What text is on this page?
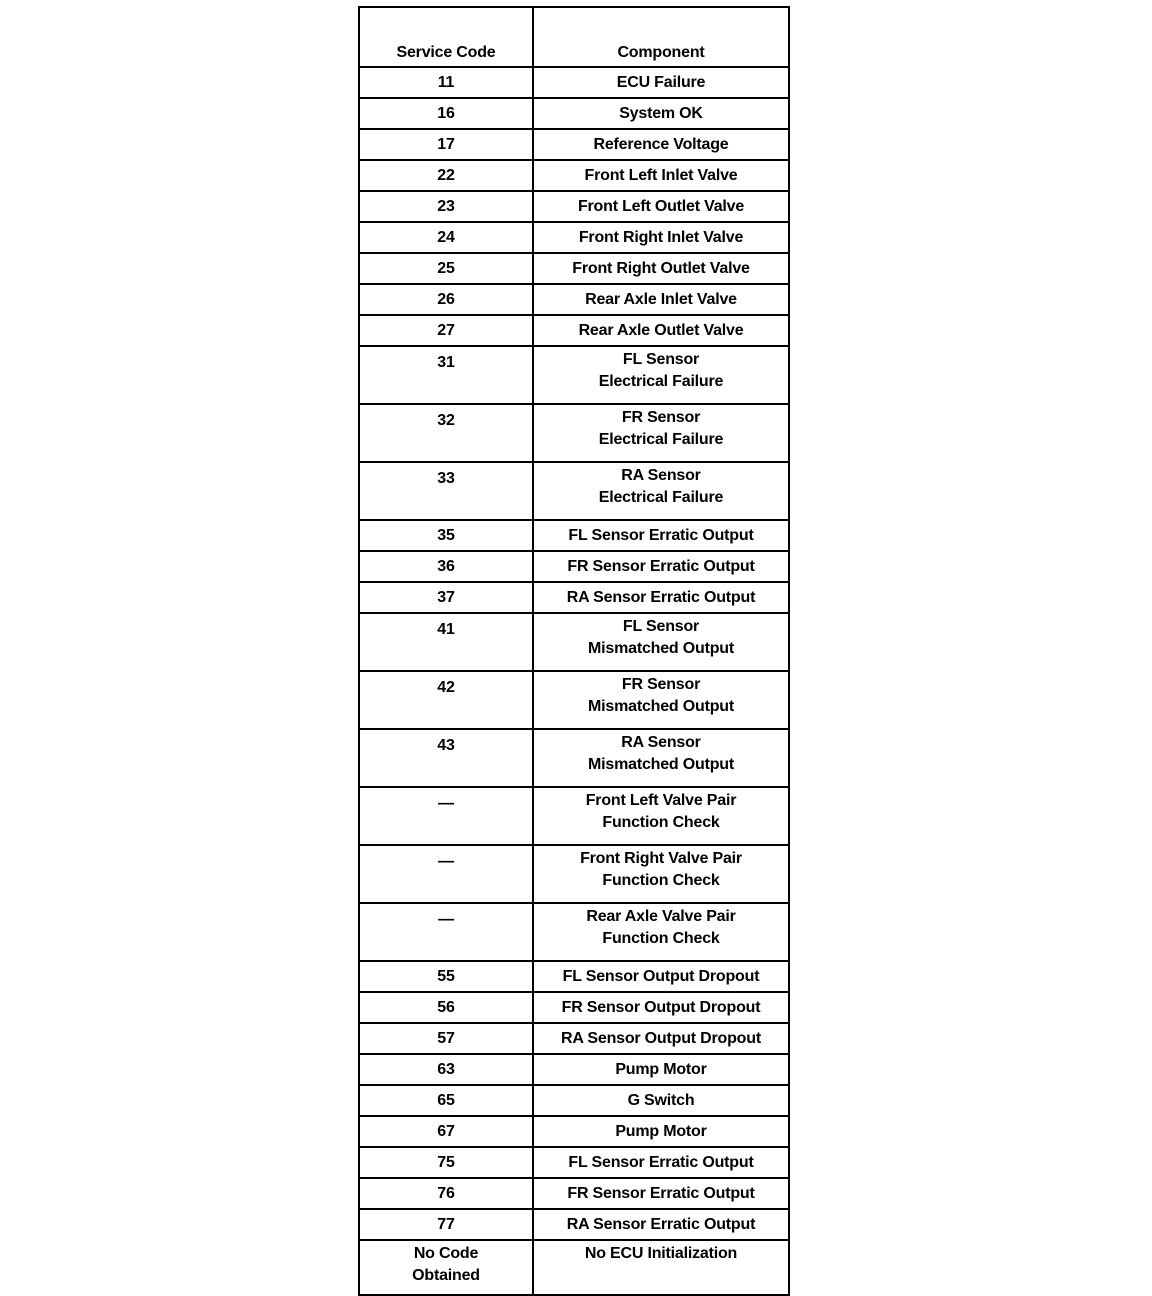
Service Code	Component

11	ECU Failure

16	System OK

17	Reference Voltage

22	Front Left Inlet Valve

23	Front Left Outlet Valve

24	Front Right Inlet Valve

25	Front Right Outlet Valve

26	Rear Axle Inlet Valve

27	Rear Axle Outlet Valve

31	FL Sensor
Electrical Failure

32	FR Sensor
Electrical Failure

33	RA Sensor
Electrical Failure

35	FL Sensor Erratic Output

36	FR Sensor Erratic Output

37	RA Sensor Erratic Output

41	FL Sensor
Mismatched Output

42	FR Sensor
Mismatched Output

43	RA Sensor
Mismatched Output

—	Front Left Valve Pair
Function Check

—	Front Right Valve Pair
Function Check

—	Rear Axle Valve Pair
Function Check

55	FL Sensor Output Dropout

56	FR Sensor Output Dropout

57	RA Sensor Output Dropout

63	Pump Motor

65	G Switch

67	Pump Motor

75	FL Sensor Erratic Output

76	FR Sensor Erratic Output

77	RA Sensor Erratic Output

No Code
Obtained	No ECU Initialization
